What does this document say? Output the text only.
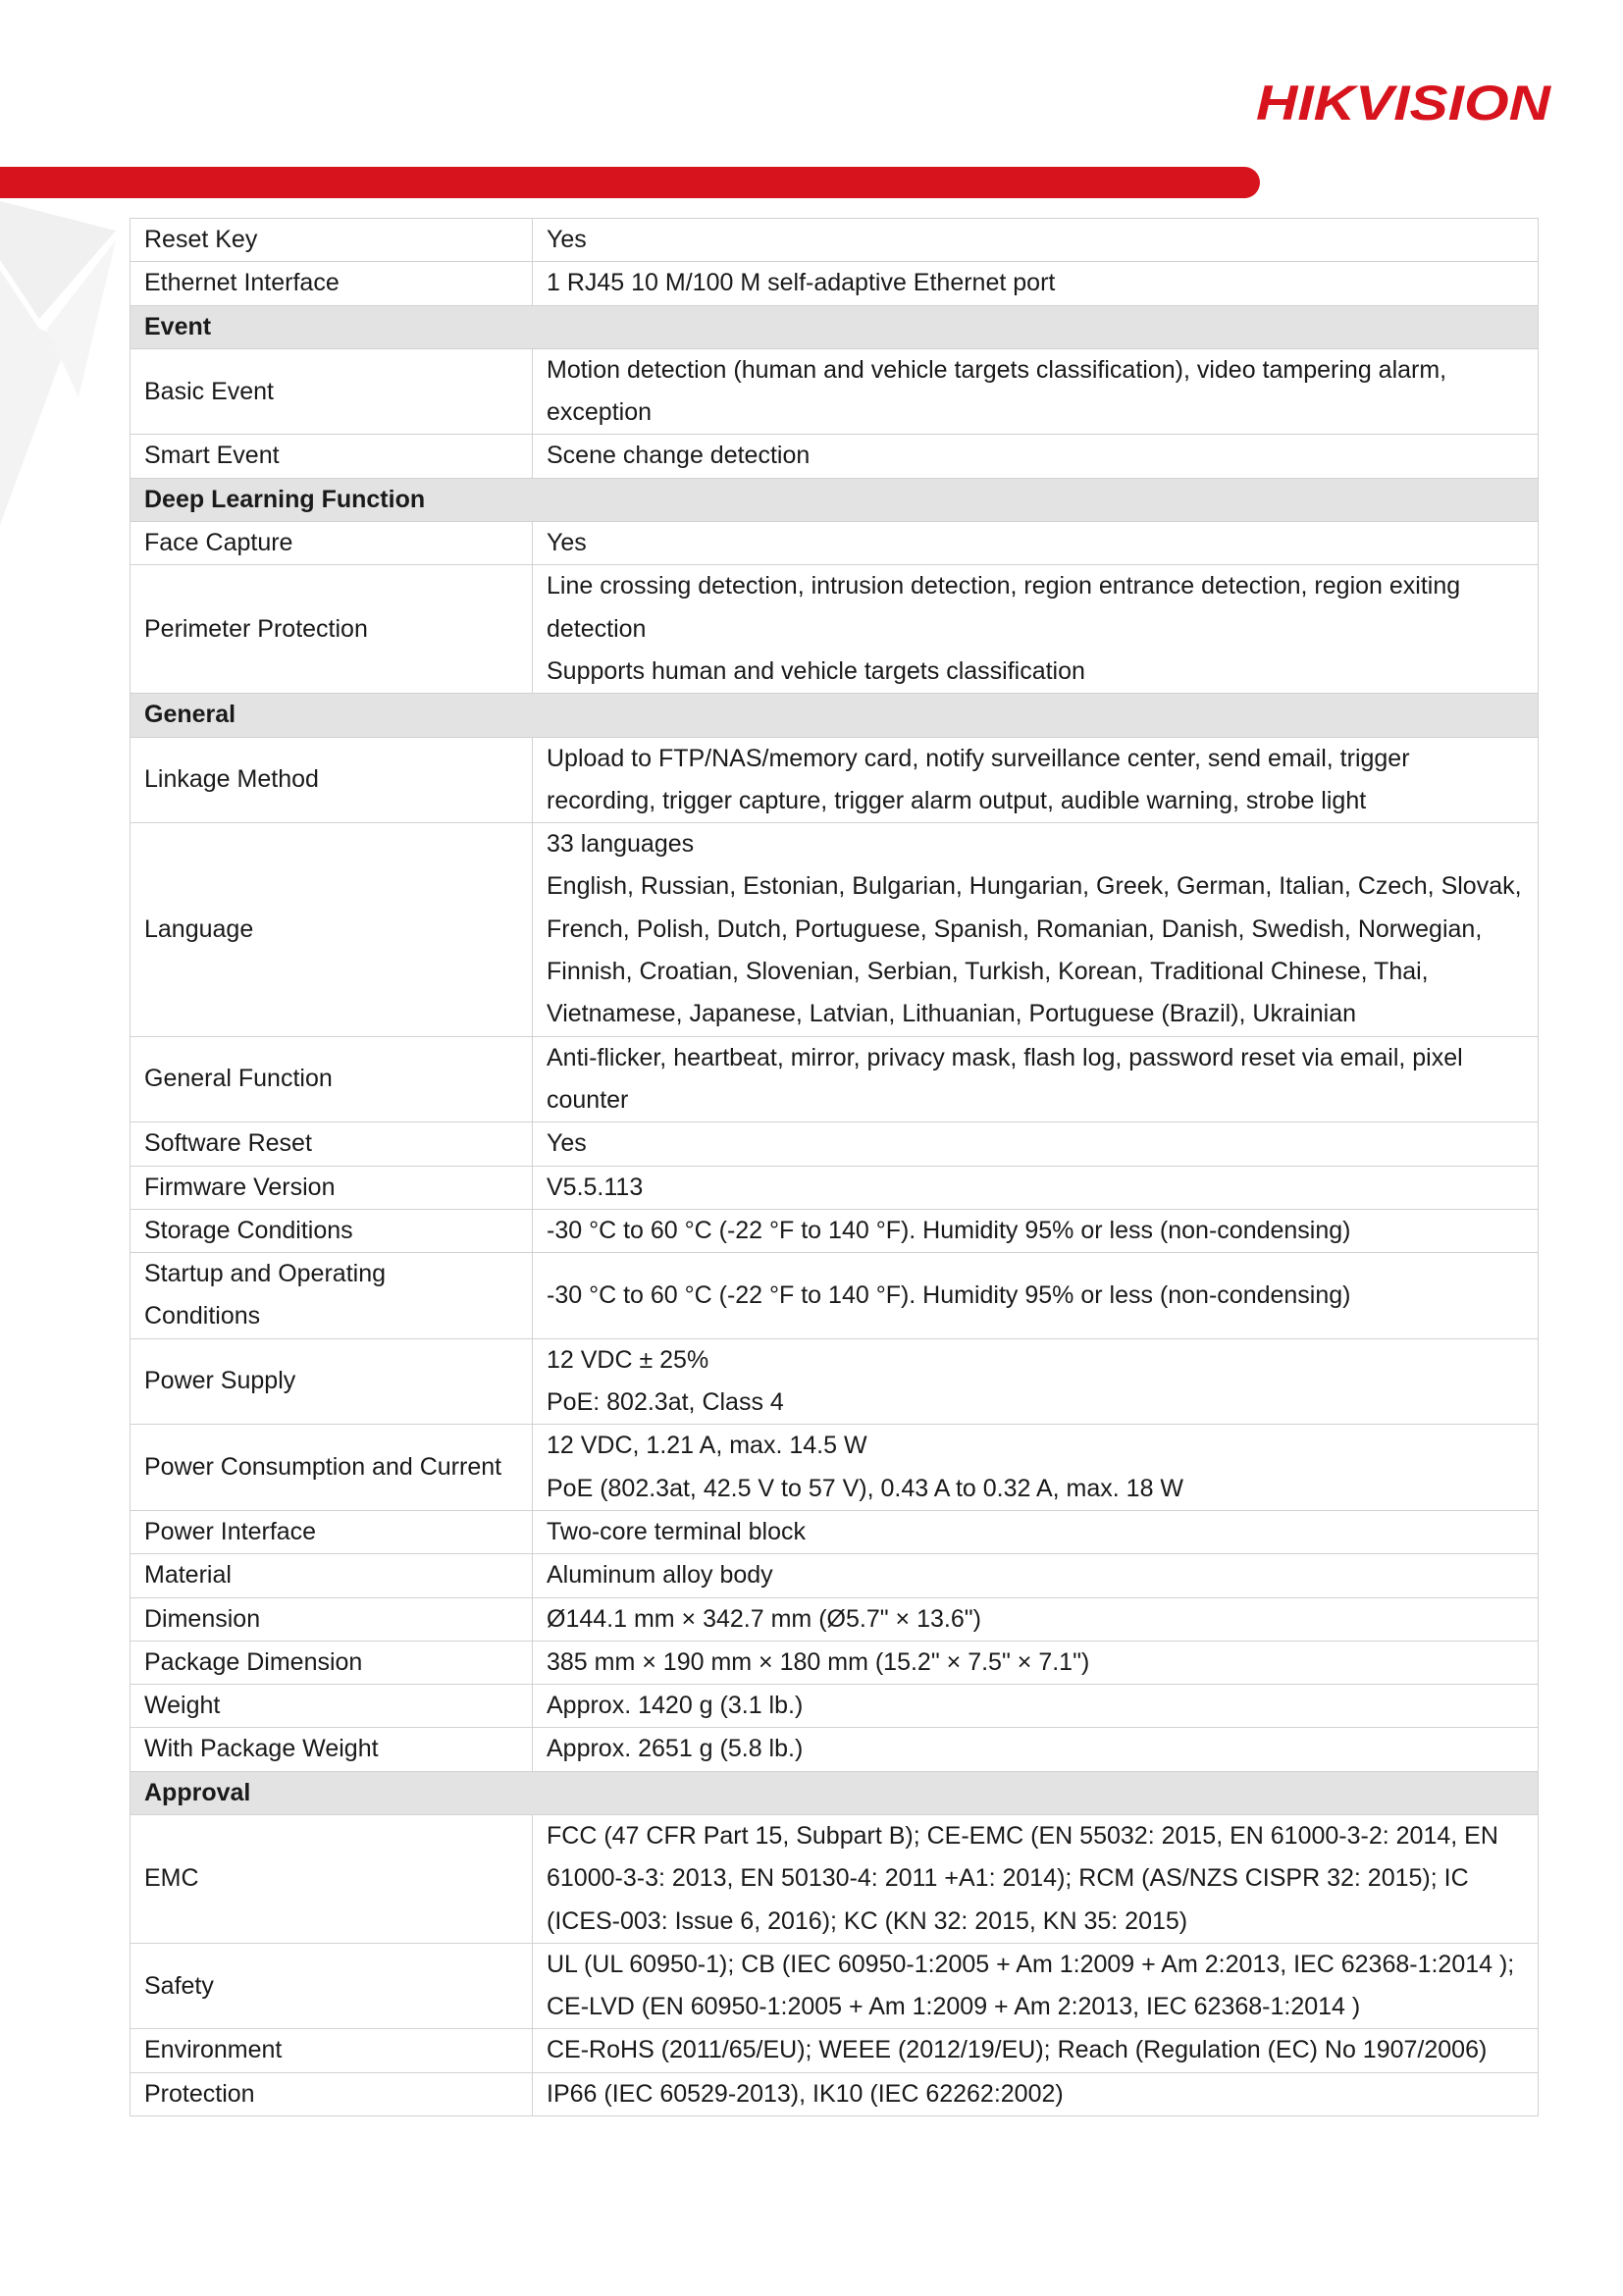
HIKVISION
Reset Key	Yes

Ethernet Interface	1 RJ45 10 M/100 M self-adaptive Ethernet port

Event	
Basic Event	Motion detection (human and vehicle targets classification), video tampering alarm,
exception

Smart Event	Scene change detection

Deep Learning Function	
Face Capture	Yes

Perimeter Protection	Line crossing detection, intrusion detection, region entrance detection, region exiting
detection
Supports human and vehicle targets classification

General	
Linkage Method	Upload to FTP/NAS/memory card, notify surveillance center, send email, trigger
recording, trigger capture, trigger alarm output, audible warning, strobe light

Language	33 languages
English, Russian, Estonian, Bulgarian, Hungarian, Greek, German, Italian, Czech, Slovak,
French, Polish, Dutch, Portuguese, Spanish, Romanian, Danish, Swedish, Norwegian,
Finnish, Croatian, Slovenian, Serbian, Turkish, Korean, Traditional Chinese, Thai,
Vietnamese, Japanese, Latvian, Lithuanian, Portuguese (Brazil), Ukrainian

General Function	Anti-flicker, heartbeat, mirror, privacy mask, flash log, password reset via email, pixel
counter

Software Reset	Yes

Firmware Version	V5.5.113

Storage Conditions	-30 °C to 60 °C (-22 °F to 140 °F). Humidity 95% or less (non-condensing)

Startup and Operating
Conditions	-30 °C to 60 °C (-22 °F to 140 °F). Humidity 95% or less (non-condensing)

Power Supply	12 VDC ± 25%
PoE: 802.3at, Class 4

Power Consumption and Current	12 VDC, 1.21 A, max. 14.5 W
PoE (802.3at, 42.5 V to 57 V), 0.43 A to 0.32 A, max. 18 W

Power Interface	Two-core terminal block

Material	Aluminum alloy body

Dimension	Ø144.1 mm × 342.7 mm (Ø5.7" × 13.6")

Package Dimension	385 mm × 190 mm × 180 mm (15.2" × 7.5" × 7.1")

Weight	Approx. 1420 g (3.1 lb.)

With Package Weight	Approx. 2651 g (5.8 lb.)

Approval	
EMC	FCC (47 CFR Part 15, Subpart B); CE-EMC (EN 55032: 2015, EN 61000-3-2: 2014, EN
61000-3-3: 2013, EN 50130-4: 2011 +A1: 2014); RCM (AS/NZS CISPR 32: 2015); IC
(ICES-003: Issue 6, 2016); KC (KN 32: 2015, KN 35: 2015)

Safety	UL (UL 60950-1); CB (IEC 60950-1:2005 + Am 1:2009 + Am 2:2013, IEC 62368-1:2014 );
CE-LVD (EN 60950-1:2005 + Am 1:2009 + Am 2:2013, IEC 62368-1:2014 )

Environment	CE-RoHS (2011/65/EU); WEEE (2012/19/EU); Reach (Regulation (EC) No 1907/2006)

Protection	IP66 (IEC 60529-2013), IK10 (IEC 62262:2002)
